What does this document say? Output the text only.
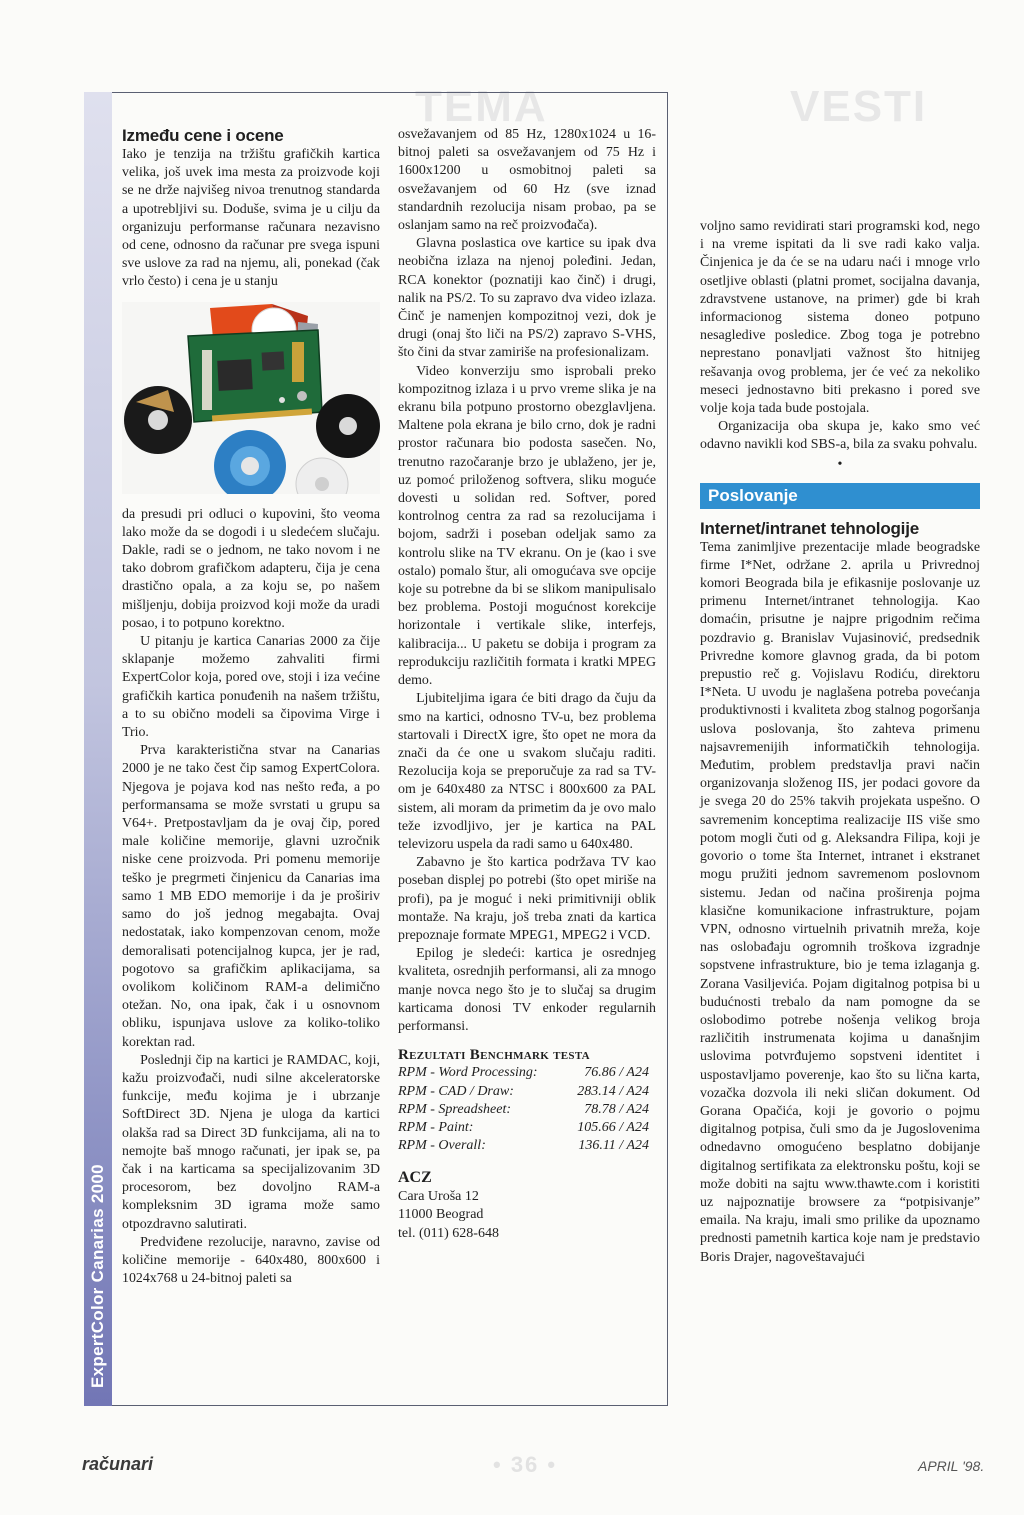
TEMA	VESTI
ExpertColor Canarias 2000
Između cene i ocene

Iako je tenzija na tržištu grafičkih kartica velika, još uvek ima mesta za proizvode koji se ne drže najvišeg nivoa trenutnog standarda a upotrebljivi su. Doduše, svima je u cilju da organizuju performanse računara nezavisno od cene, odnosno da računar pre svega ispuni sve uslove za rad na njemu, ali, ponekad (čak vrlo često) i cena je u stanju

da presudi pri odluci o kupovini, što veoma lako može da se dogodi i u sledećem slučaju. Dakle, radi se o jednom, ne tako novom i ne tako dobrom grafičkom adapteru, čija je cena drastično opala, a za koju se, po našem mišljenju, dobija proizvod koji može da uradi posao, i to potpuno korektno.

U pitanju je kartica Canarias 2000 za čije sklapanje možemo zahvaliti firmi ExpertColor koja, pored ove, stoji i iza većine grafičkih kartica ponuđenih na našem tržištu, a to su obično modeli sa čipovima Virge i Trio.

Prva karakteristična stvar na Canarias 2000 je ne tako čest čip samog ExpertColora. Njegova je pojava kod nas nešto ređa, a po performansama se može svrstati u grupu sa V64+. Pretpostavljam da je ovaj čip, pored male količine memorije, glavni uzročnik niske cene proizvoda. Pri pomenu memorije teško je pregrmeti činjenicu da Canarias ima samo 1 MB EDO memorije i da je proširiv samo do još jednog megabajta. Ovaj nedostatak, iako kompenzovan cenom, može demoralisati potencijalnog kupca, jer je rad, pogotovo sa grafičkim aplikacijama, sa ovolikom količinom RAM-a delimično otežan. No, ona ipak, čak i u osnovnom obliku, ispunjava uslove za koliko-toliko korektan rad.

Poslednji čip na kartici je RAMDAC, koji, kažu proizvođači, nudi silne akceleratorske funkcije, među kojima je i ubrzanje SoftDirect 3D. Njena je uloga da kartici olakša rad sa Direct 3D funkcijama, ali na to nemojte baš mnogo računati, jer ipak se, pa čak i na karticama sa specijalizovanim 3D procesorom, bez dovoljno RAM-a kompleksnim 3D igrama može samo otpozdravno salutirati.

Predviđene rezolucije, naravno, zavise od količine memorije - 640x480, 800x600 i 1024x768 u 24-bitnoj paleti sa

osvežavanjem od 85 Hz, 1280x1024 u 16-bitnoj paleti sa osvežavanjem od 75 Hz i 1600x1200 u osmobitnoj paleti sa osvežavanjem od 60 Hz (sve iznad standardnih rezolucija nisam probao, pa se oslanjam samo na reč proizvođača).

Glavna poslastica ove kartice su ipak dva neobična izlaza na njenoj poleđini. Jedan, RCA konektor (poznatiji kao činč) i drugi, nalik na PS/2. To su zapravo dva video izlaza. Činč je namenjen kompozitnoj vezi, dok je drugi (onaj što liči na PS/2) zapravo S-VHS, što čini da stvar zamiriše na profesionalizam.

Video konverziju smo isprobali preko kompozitnog izlaza i u prvo vreme slika je na ekranu bila potpuno prostorno obezglavljena. Maltene pola ekrana je bilo crno, dok je radni prostor računara bio podosta sasečen. No, trenutno razočaranje brzo je ublaženo, jer je, uz pomoć priloženog softvera, sliku moguće dovesti u solidan red. Softver, pored kontrolnog centra za rad sa rezolucijama i bojom, sadrži i poseban odeljak samo za kontrolu slike na TV ekranu. On je (kao i sve ostalo) pomalo štur, ali omogućava sve opcije koje su potrebne da bi se slikom manipulisalo bez problema. Postoji mogućnost korekcije horizontale i vertikale slike, interfejs, kalibracija... U paketu se dobija i program za reprodukciju različitih formata i kratki MPEG demo.

Ljubiteljima igara će biti drago da čuju da smo na kartici, odnosno TV-u, bez problema startovali i DirectX igre, što opet ne mora da znači da će one u svakom slučaju raditi. Rezolucija koja se preporučuje za rad sa TV-om je 640x480 za NTSC i 800x600 za PAL sistem, ali moram da primetim da je ovo malo teže izvodljivo, jer je kartica na PAL televizoru uspela da radi samo u 640x480.

Zabavno je što kartica podržava TV kao poseban displej po potrebi (što opet miriše na profi), pa je moguć i neki primitivniji oblik montaže. Na kraju, još treba znati da kartica prepoznaje formate MPEG1, MPEG2 i VCD.

Epilog je sledeći: kartica je osrednjeg kvaliteta, osrednjih performansi, ali za mnogo manje novca nego što je to slučaj sa drugim karticama donosi TV enkoder regularnih performansi.

Rezultati Benchmark testa
RPM - Word Processing:	76.86 / A24
RPM - CAD / Draw:	283.14 / A24
RPM - Spreadsheet:	78.78 / A24
RPM - Paint:	105.66 / A24
RPM - Overall:	136.11 / A24
ACZ
Cara Uroša 12
11000 Beograd
tel. (011) 628-648

voljno samo revidirati stari programski kod, nego i na vreme ispitati da li sve radi kako valja. Činjenica je da će se na udaru naći i mnoge vrlo osetljive oblasti (platni promet, socijalna davanja, zdravstvene ustanove, na primer) gde bi krah informacionog sistema doneo potpuno nesagledive posledice. Zbog toga je potrebno neprestano ponavljati važnost što hitnijeg rešavanja ovog problema, jer će već za nekoliko meseci jednostavno biti prekasno i pored sve volje koja tada bude postojala.

Organizacija oba skupa je, kako smo već odavno navikli kod SBS-a, bila za svaku pohvalu.

•
Poslovanje
Internet/intranet tehnologije

Tema zanimljive prezentacije mlade beogradske firme I*Net, održane 2. aprila u Privrednoj komori Beograda bila je efikasnije poslovanje uz primenu Internet/intranet tehnologija. Kao domaćin, prisutne je najpre prigodnim rečima pozdravio g. Branislav Vujasinović, predsednik Privredne komore glavnog grada, da bi potom prepustio reč g. Vojislavu Rodiću, direktoru I*Neta. U uvodu je naglašena potreba povećanja produktivnosti i kvaliteta zbog stalnog pogoršanja uslova poslovanja, što zahteva primenu najsavremenijih informatičkih tehnologija. Međutim, problem predstavlja pravi način organizovanja složenog IIS, jer podaci govore da je svega 20 do 25% takvih projekata uspešno. O savremenim konceptima realizacije IIS više smo potom mogli čuti od g. Aleksandra Filipa, koji je govorio o tome šta Internet, intranet i ekstranet mogu pružiti jednom savremenom poslovnom sistemu. Jedan od načina proširenja pojma klasične komunikacione infrastrukture, pojam VPN, odnosno virtuelnih privatnih mreža, koje nas oslobađaju ogromnih troškova izgradnje sopstvene infrastrukture, bio je tema izlaganja g. Zorana Vasiljevića. Pojam digitalnog potpisa bi u budućnosti trebalo da nam pomogne da se oslobodimo potrebe nošenja velikog broja različitih instrumenata kojima u današnjim uslovima potvrđujemo sopstveni identitet i uspostavljamo poverenje, kao što su lična karta, vozačka dozvola ili neki sličan dokument. Od Gorana Opačića, koji je govorio o pojmu digitalnog potpisa, čuli smo da je Jugoslovenima odnedavno omogućeno besplatno dobijanje digitalnog sertifikata za elektronsku poštu, koji se može dobiti na sajtu www.thawte.com i koristiti uz najpoznatije browsere za “potpisivanje” emaila. Na kraju, imali smo prilike da upoznamo prednosti pametnih kartica koje nam je predstavio Boris Drajer, nagoveštavajući

računari	• 36 •	APRIL '98.
